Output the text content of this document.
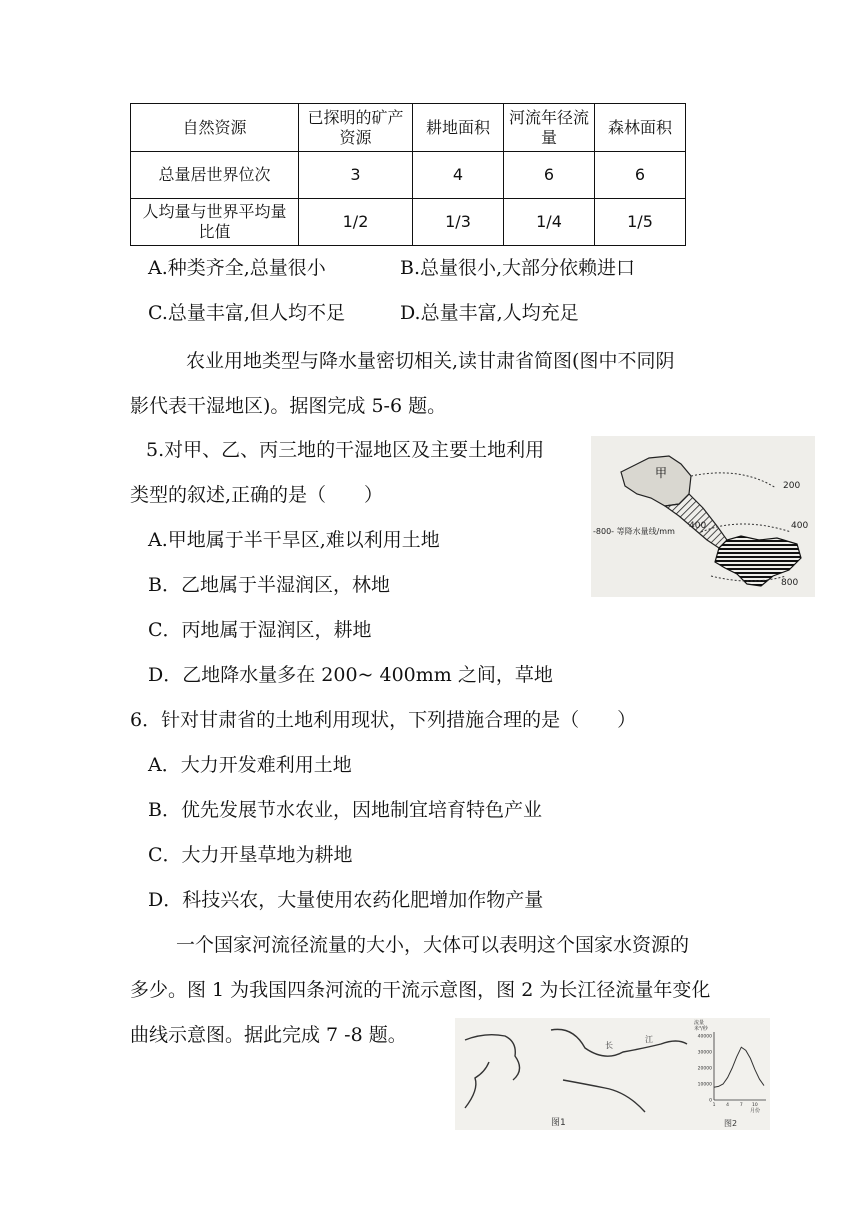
自然资源	已探明的矿产资源	耕地面积	河流年径流量	森林面积
总量居世界位次	3	4	6	6
人均量与世界平均量比值	1/2	1/3	1/4	1/5
A.种类齐全,总量很小	B.总量很小,大部分依赖进口
C.总量丰富,但人均不足	D.总量丰富,人均充足
农业用地类型与降水量密切相关,读甘肃省简图(图中不同阴
影代表干湿地区)。据图完成 5-6 题。
5.对甲、乙、丙三地的干湿地区及主要土地利用
类型的叙述,正确的是（　　）
A.甲地属于半干旱区,难以利用土地
B．乙地属于半湿润区，林地
C．丙地属于湿润区，耕地
D．乙地降水量多在 200~ 400mm 之间，草地
6．针对甘肃省的土地利用现状，下列措施合理的是（　　）
A．大力开发难利用土地
B．优先发展节水农业，因地制宜培育特色产业
C．大力开垦草地为耕地
D．科技兴农，大量使用农药化肥增加作物产量
一个国家河流径流量的大小，大体可以表明这个国家水资源的
多少。图 1 为我国四条河流的干流示意图，图 2 为长江径流量年变化
曲线示意图。据此完成 7 -8 题。
甲
200
400	400
800
-800- 等降水量线/mm
长
江
图1
流量
米³/秒
40000
30000
20000
10000
0
1 4 7 10
月份
图2
